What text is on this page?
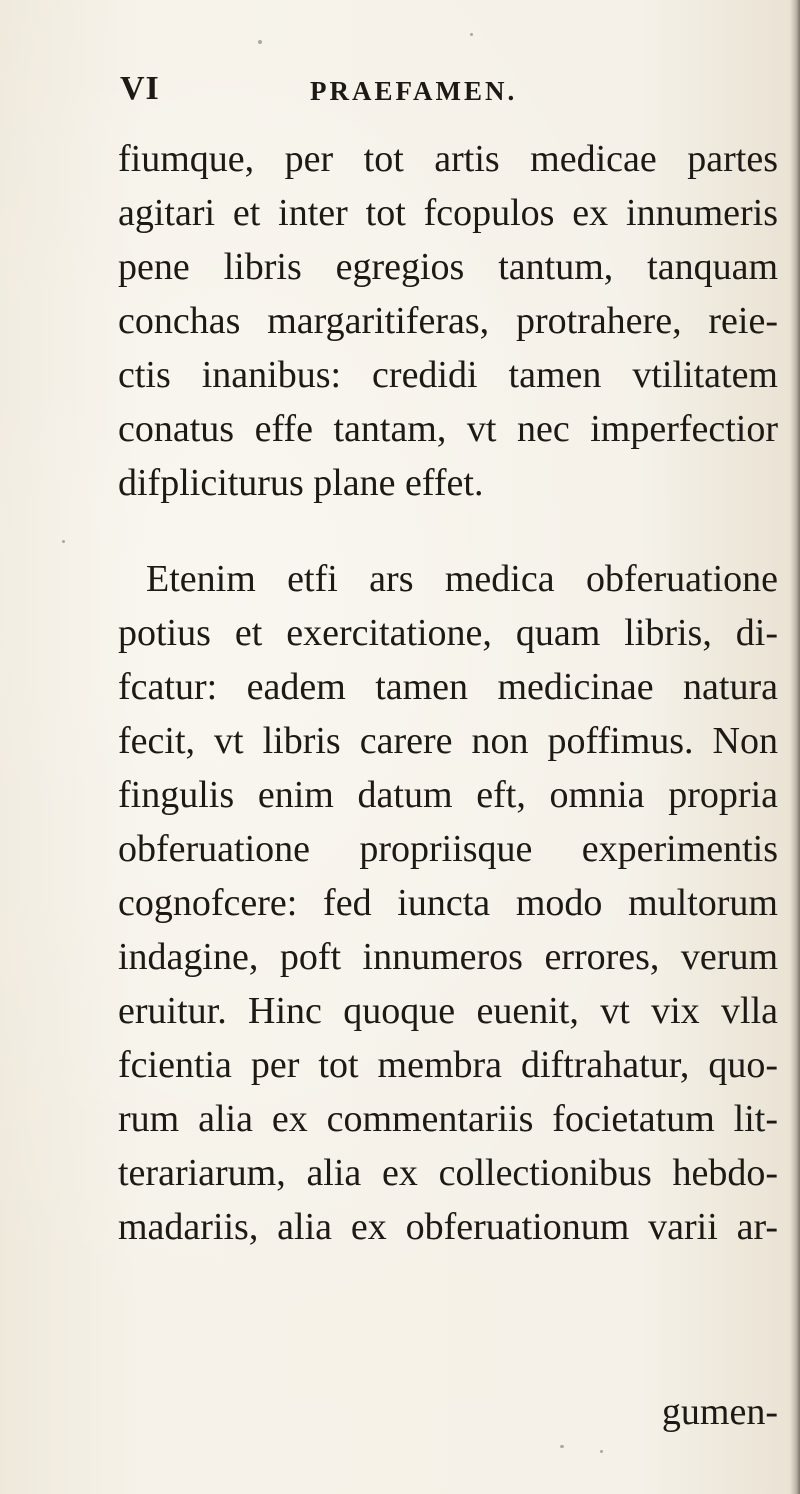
VI	PRAEFAMEN.
fiumque, per tot artis medicae partes
agitari et inter tot fcopulos ex innumeris
pene libris egregios tantum, tanquam
conchas margaritiferas, protrahere, reie-
ctis inanibus: credidi tamen vtilitatem
conatus effe tantam, vt nec imperfectior
difpliciturus plane effet.
Etenim etfi ars medica obferuatione
potius et exercitatione, quam libris, di-
fcatur: eadem tamen medicinae natura
fecit, vt libris carere non poffimus. Non
fingulis enim datum eft, omnia propria
obferuatione propriisque experimentis
cognofcere: fed iuncta modo multorum
indagine, poft innumeros errores, verum
eruitur. Hinc quoque euenit, vt vix vlla
fcientia per tot membra diftrahatur, quo-
rum alia ex commentariis focietatum lit-
terariarum, alia ex collectionibus hebdo-
madariis, alia ex obferuationum varii ar-
gumen-
